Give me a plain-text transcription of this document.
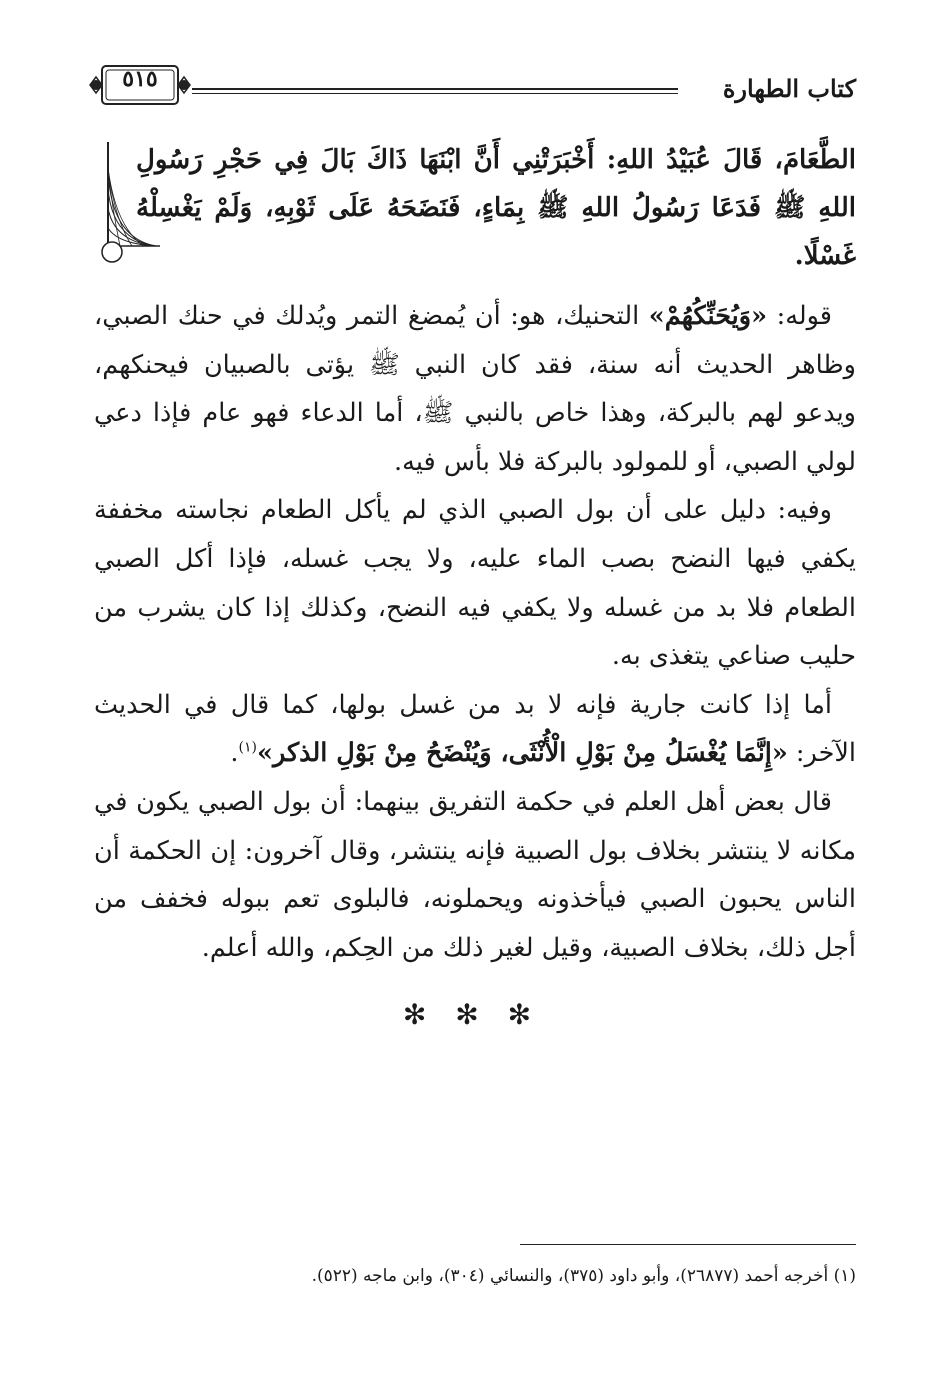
٥١٥	كتاب الطهارة
الطَّعَامَ، قَالَ عُبَيْدُ اللهِ: أَخْبَرَتْنِي أَنَّ ابْنَهَا ذَاكَ بَالَ فِي حَجْرِ رَسُولِ اللهِ ﷺ فَدَعَا رَسُولُ اللهِ ﷺ بِمَاءٍ، فَنَضَحَهُ عَلَى ثَوْبِهِ، وَلَمْ يَغْسِلْهُ غَسْلًا.

قوله: «وَيُحَنِّكُهُمْ» التحنيك، هو: أن يُمضغ التمر ويُدلك في حنك الصبي، وظاهر الحديث أنه سنة، فقد كان النبي ﷺ يؤتى بالصبيان فيحنكهم، ويدعو لهم بالبركة، وهذا خاص بالنبي ﷺ، أما الدعاء فهو عام فإذا دعي لولي الصبي، أو للمولود بالبركة فلا بأس فيه.

وفيه: دليل على أن بول الصبي الذي لم يأكل الطعام نجاسته مخففة يكفي فيها النضح بصب الماء عليه، ولا يجب غسله، فإذا أكل الصبي الطعام فلا بد من غسله ولا يكفي فيه النضح، وكذلك إذا كان يشرب من حليب صناعي يتغذى به.

أما إذا كانت جارية فإنه لا بد من غسل بولها، كما قال في الحديث الآخر: «إِنَّمَا يُغْسَلُ مِنْ بَوْلِ الْأُنْثَى، وَيُنْضَحُ مِنْ بَوْلِ الذكر»$^{(١)}$.

قال بعض أهل العلم في حكمة التفريق بينهما: أن بول الصبي يكون في مكانه لا ينتشر بخلاف بول الصبية فإنه ينتشر، وقال آخرون: إن الحكمة أن الناس يحبون الصبي فيأخذونه ويحملونه، فالبلوى تعم ببوله فخفف من أجل ذلك، بخلاف الصبية، وقيل لغير ذلك من الحِكم، والله أعلم.

✻ ✻ ✻
(١) أخرجه أحمد (٢٦٨٧٧)، وأبو داود (٣٧٥)، والنسائي (٣٠٤)، وابن ماجه (٥٢٢).
